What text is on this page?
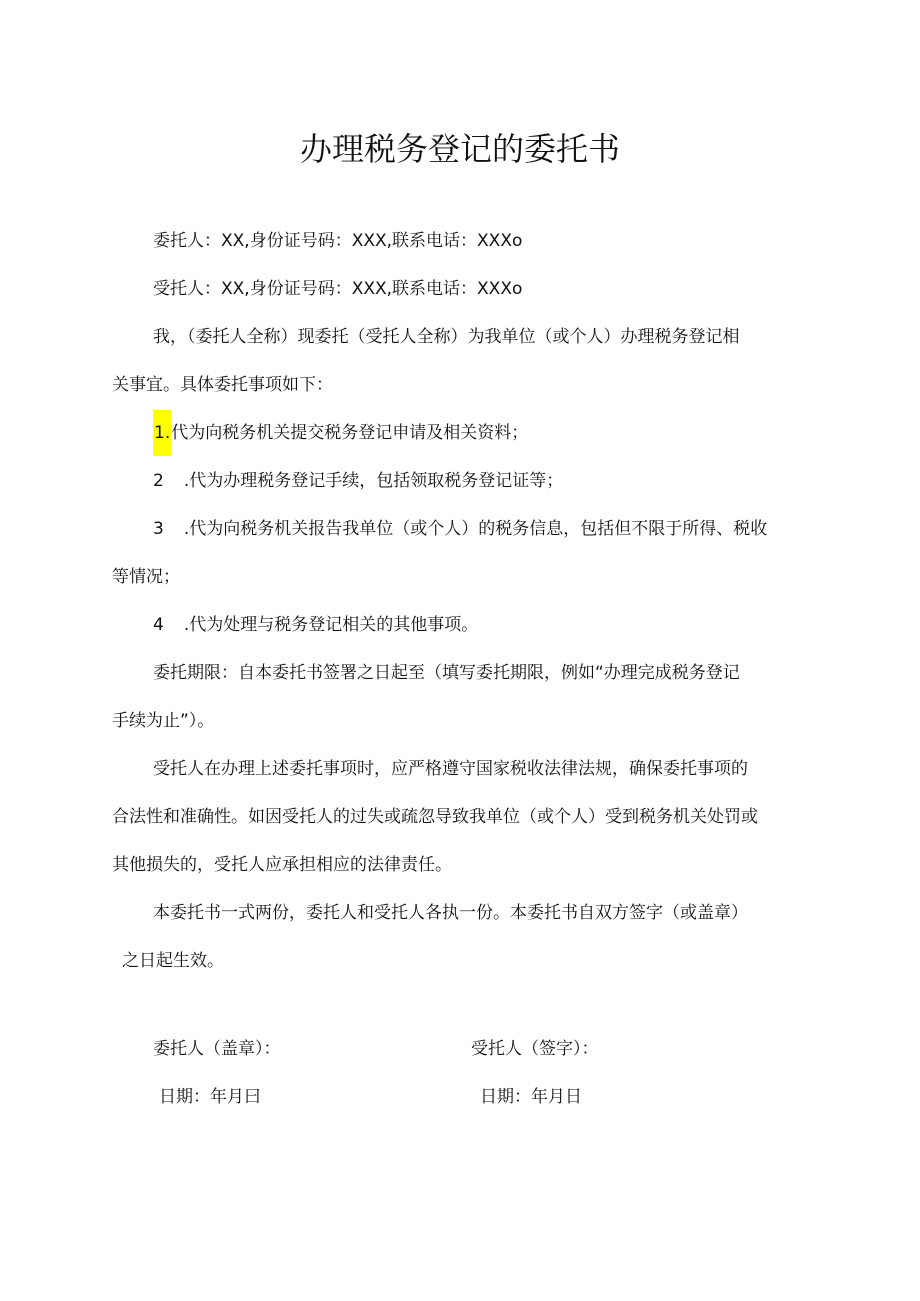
办理税务登记的委托书
委托人：XX,身份证号码：XXX,联系电话：XXXo
受托人：XX,身份证号码：XXX,联系电话：XXXo
我，（委托人全称）现委托（受托人全称）为我单位（或个人）办理税务登记相
关事宜。具体委托事项如下：
1.代为向税务机关提交税务登记申请及相关资料；
2 .代为办理税务登记手续，包括领取税务登记证等；
3 .代为向税务机关报告我单位（或个人）的税务信息，包括但不限于所得、税收
等情况；
4 .代为处理与税务登记相关的其他事项。
委托期限：自本委托书签署之日起至（填写委托期限，例如“办理完成税务登记
手续为止”）。
受托人在办理上述委托事项时，应严格遵守国家税收法律法规，确保委托事项的
合法性和准确性。如因受托人的过失或疏忽导致我单位（或个人）受到税务机关处罚或
其他损失的，受托人应承担相应的法律责任。
本委托书一式两份，委托人和受托人各执一份。本委托书自双方签字（或盖章）
之日起生效。
委托人（盖章）：	受托人（签字）：
日期：年月曰	日期：年月日
